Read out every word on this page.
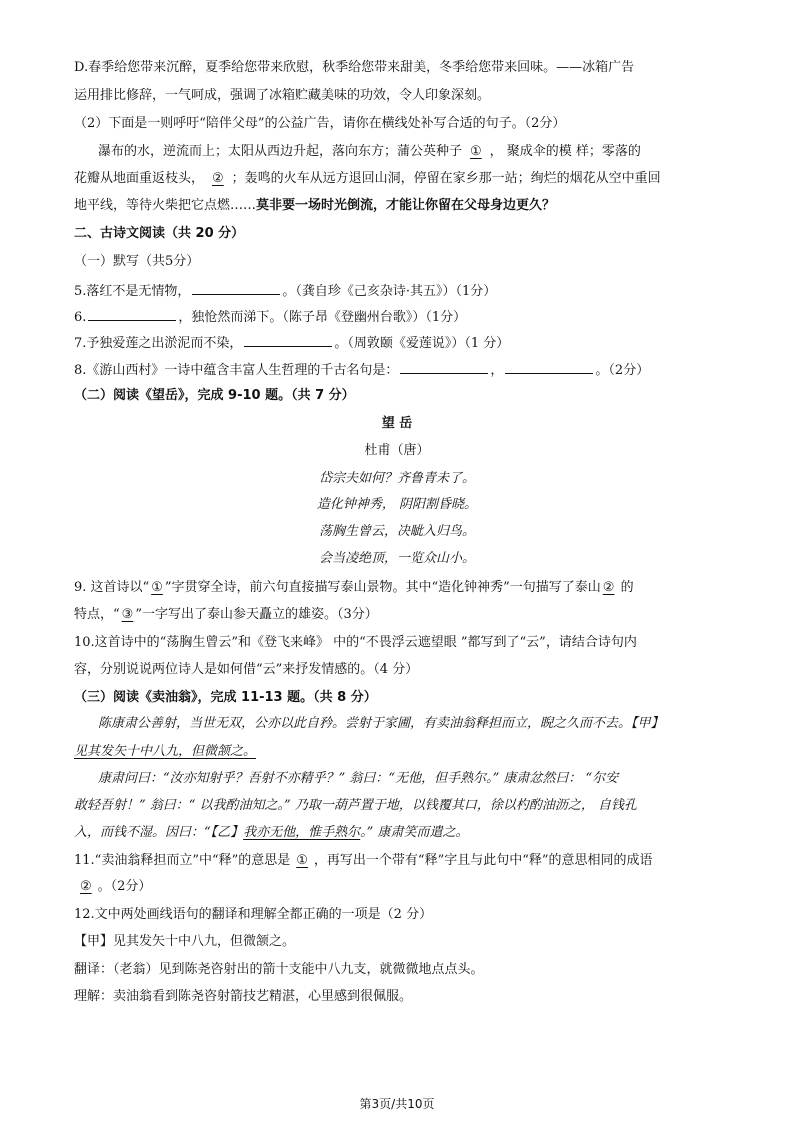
D.春季给您带来沉醉，夏季给您带来欣慰，秋季给您带来甜美，冬季给您带来回味。——冰箱广告
运用排比修辞，一气呵成，强调了冰箱贮藏美味的功效，令人印象深刻。
（2）下面是一则呼吁“陪伴父母”的公益广告，请你在横线处补写合适的句子。（2分）
瀑布的水，逆流而上；太阳从西边升起，落向东方；蒲公英种子 ① ， 聚成伞的模 样；零落的
花瓣从地面重返枝头， ② ；轰鸣的火车从远方退回山洞，停留在家乡那一站；绚烂的烟花从空中重回
地平线，等待火柴把它点燃……莫非要一场时光倒流，才能让你留在父母身边更久？
二、古诗文阅读（共 20 分）
（一）默写（共5分）
5.落红不是无情物，	。（龚自珍《己亥杂诗·其五》）（1分）
6.	，独怆然而涕下。（陈子昂《登幽州台歌》）（1分）
7.予独爱莲之出淤泥而不染，	。（周敦颐《爱莲说》）（1 分）
8.《游山西村》一诗中蕴含丰富人生哲理的千古名句是：	，	。（2分）
（二）阅读《望岳》，完成 9-10 题。（共 7 分）
望 岳
杜甫（唐）
岱宗夫如何？齐鲁青未了。
造化钟神秀， 阴阳割昏晓。
荡胸生曾云，决眦入归鸟。
会当凌绝顶，一览众山小。
9. 这首诗以“ ① ”字贯穿全诗，前六句直接描写泰山景物。其中“造化钟神秀”一句描写了泰山 ② 的
特点，“ ③ ”一字写出了泰山参天矗立的雄姿。（3分）
10.这首诗中的“荡胸生曾云”和《登飞来峰》 中的“不畏浮云遮望眼 ”都写到了“云”，请结合诗句内
容，分别说说两位诗人是如何借“云”来抒发情感的。（4 分）
（三）阅读《卖油翁》，完成 11-13 题。（共 8 分）
陈康肃公善射，当世无双，公亦以此自矜。尝射于家圃，有卖油翁释担而立，睨之久而不去。【甲】
见其发矢十中八九，但微颔之。
康肃问曰：“汝亦知射乎？吾射不亦精乎？” 翁曰：“无他，但手熟尔。” 康肃忿然曰： “尔安
敢轻吾射！” 翁曰：“ 以我酌油知之。” 乃取一葫芦置于地，以钱覆其口，徐以杓酌油沥之， 自钱孔
入，而钱不湿。因曰：“【乙】我亦无他，惟手熟尔。” 康肃笑而遣之。
11.“卖油翁释担而立”中“释”的意思是 ① ，再写出一个带有“释”字且与此句中“释”的意思相同的成语
② 。（2分）
12.文中两处画线语句的翻译和理解全都正确的一项是（2 分）
【甲】见其发矢十中八九，但微颔之。
翻译：（老翁）见到陈尧咨射出的箭十支能中八九支，就微微地点点头。
理解：卖油翁看到陈尧咨射箭技艺精湛，心里感到很佩服。
第3页/共10页
